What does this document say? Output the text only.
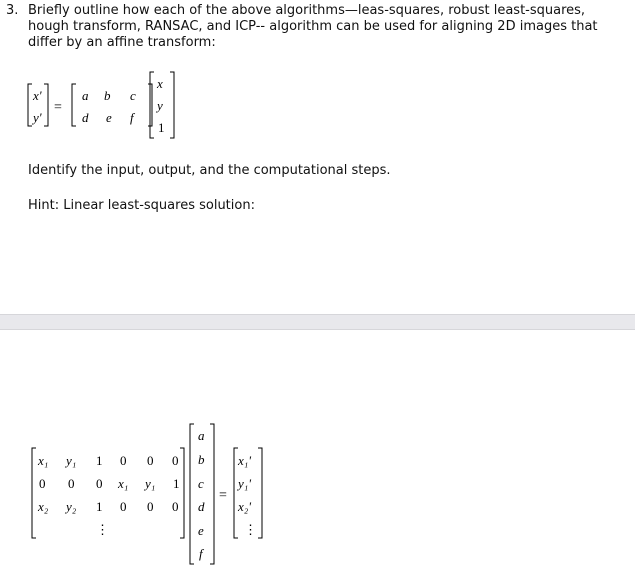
3. Briefly outline how each of the above algorithms—leas-squares, robust least-squares, hough transform, RANSAC, and ICP-- algorithm can be used for aligning 2D images that differ by an affine transform:
x'
y'
=
a b c
d e f
x
y
1
Identify the input, output, and the computational steps.
Hint: Linear least-squares solution:
x₁ y₁ 1 0 0 0
0 0 0 x₁ y₁ 1
x₂ y₂ 1 0 0 0
⋮
a
b
c
d
e
f
=
x₁'
y₁'
x₂'
⋮
